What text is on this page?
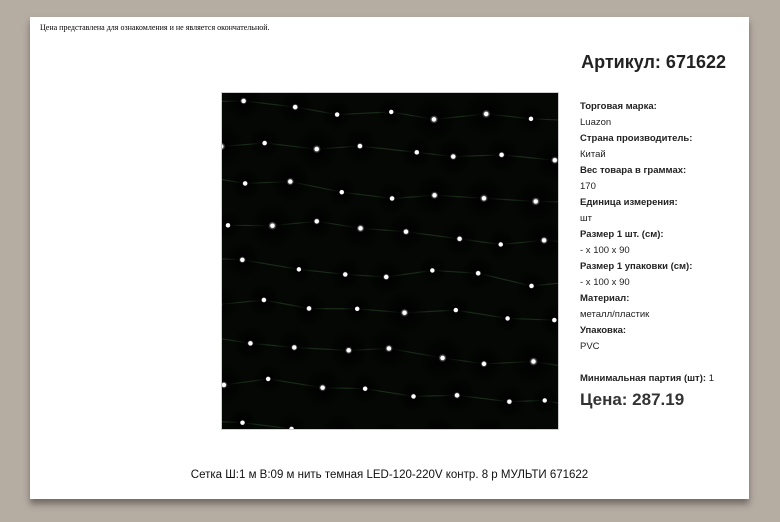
Цена представлена для ознакомления и не является окончательной.
Артикул: 671622
Торговая марка:
Luazon
Страна производитель:
Китай
Вес товара в граммах:
170
Единица измерения:
шт
Размер 1 шт. (см):
- x 100 x 90
Размер 1 упаковки (см):
- x 100 x 90
Материал:
металл/пластик
Упаковка:
PVC
Минимальная партия (шт): 1
Цена: 287.19
Сетка Ш:1 м В:09 м нить темная LED-120-220V контр. 8 р МУЛЬТИ 671622
